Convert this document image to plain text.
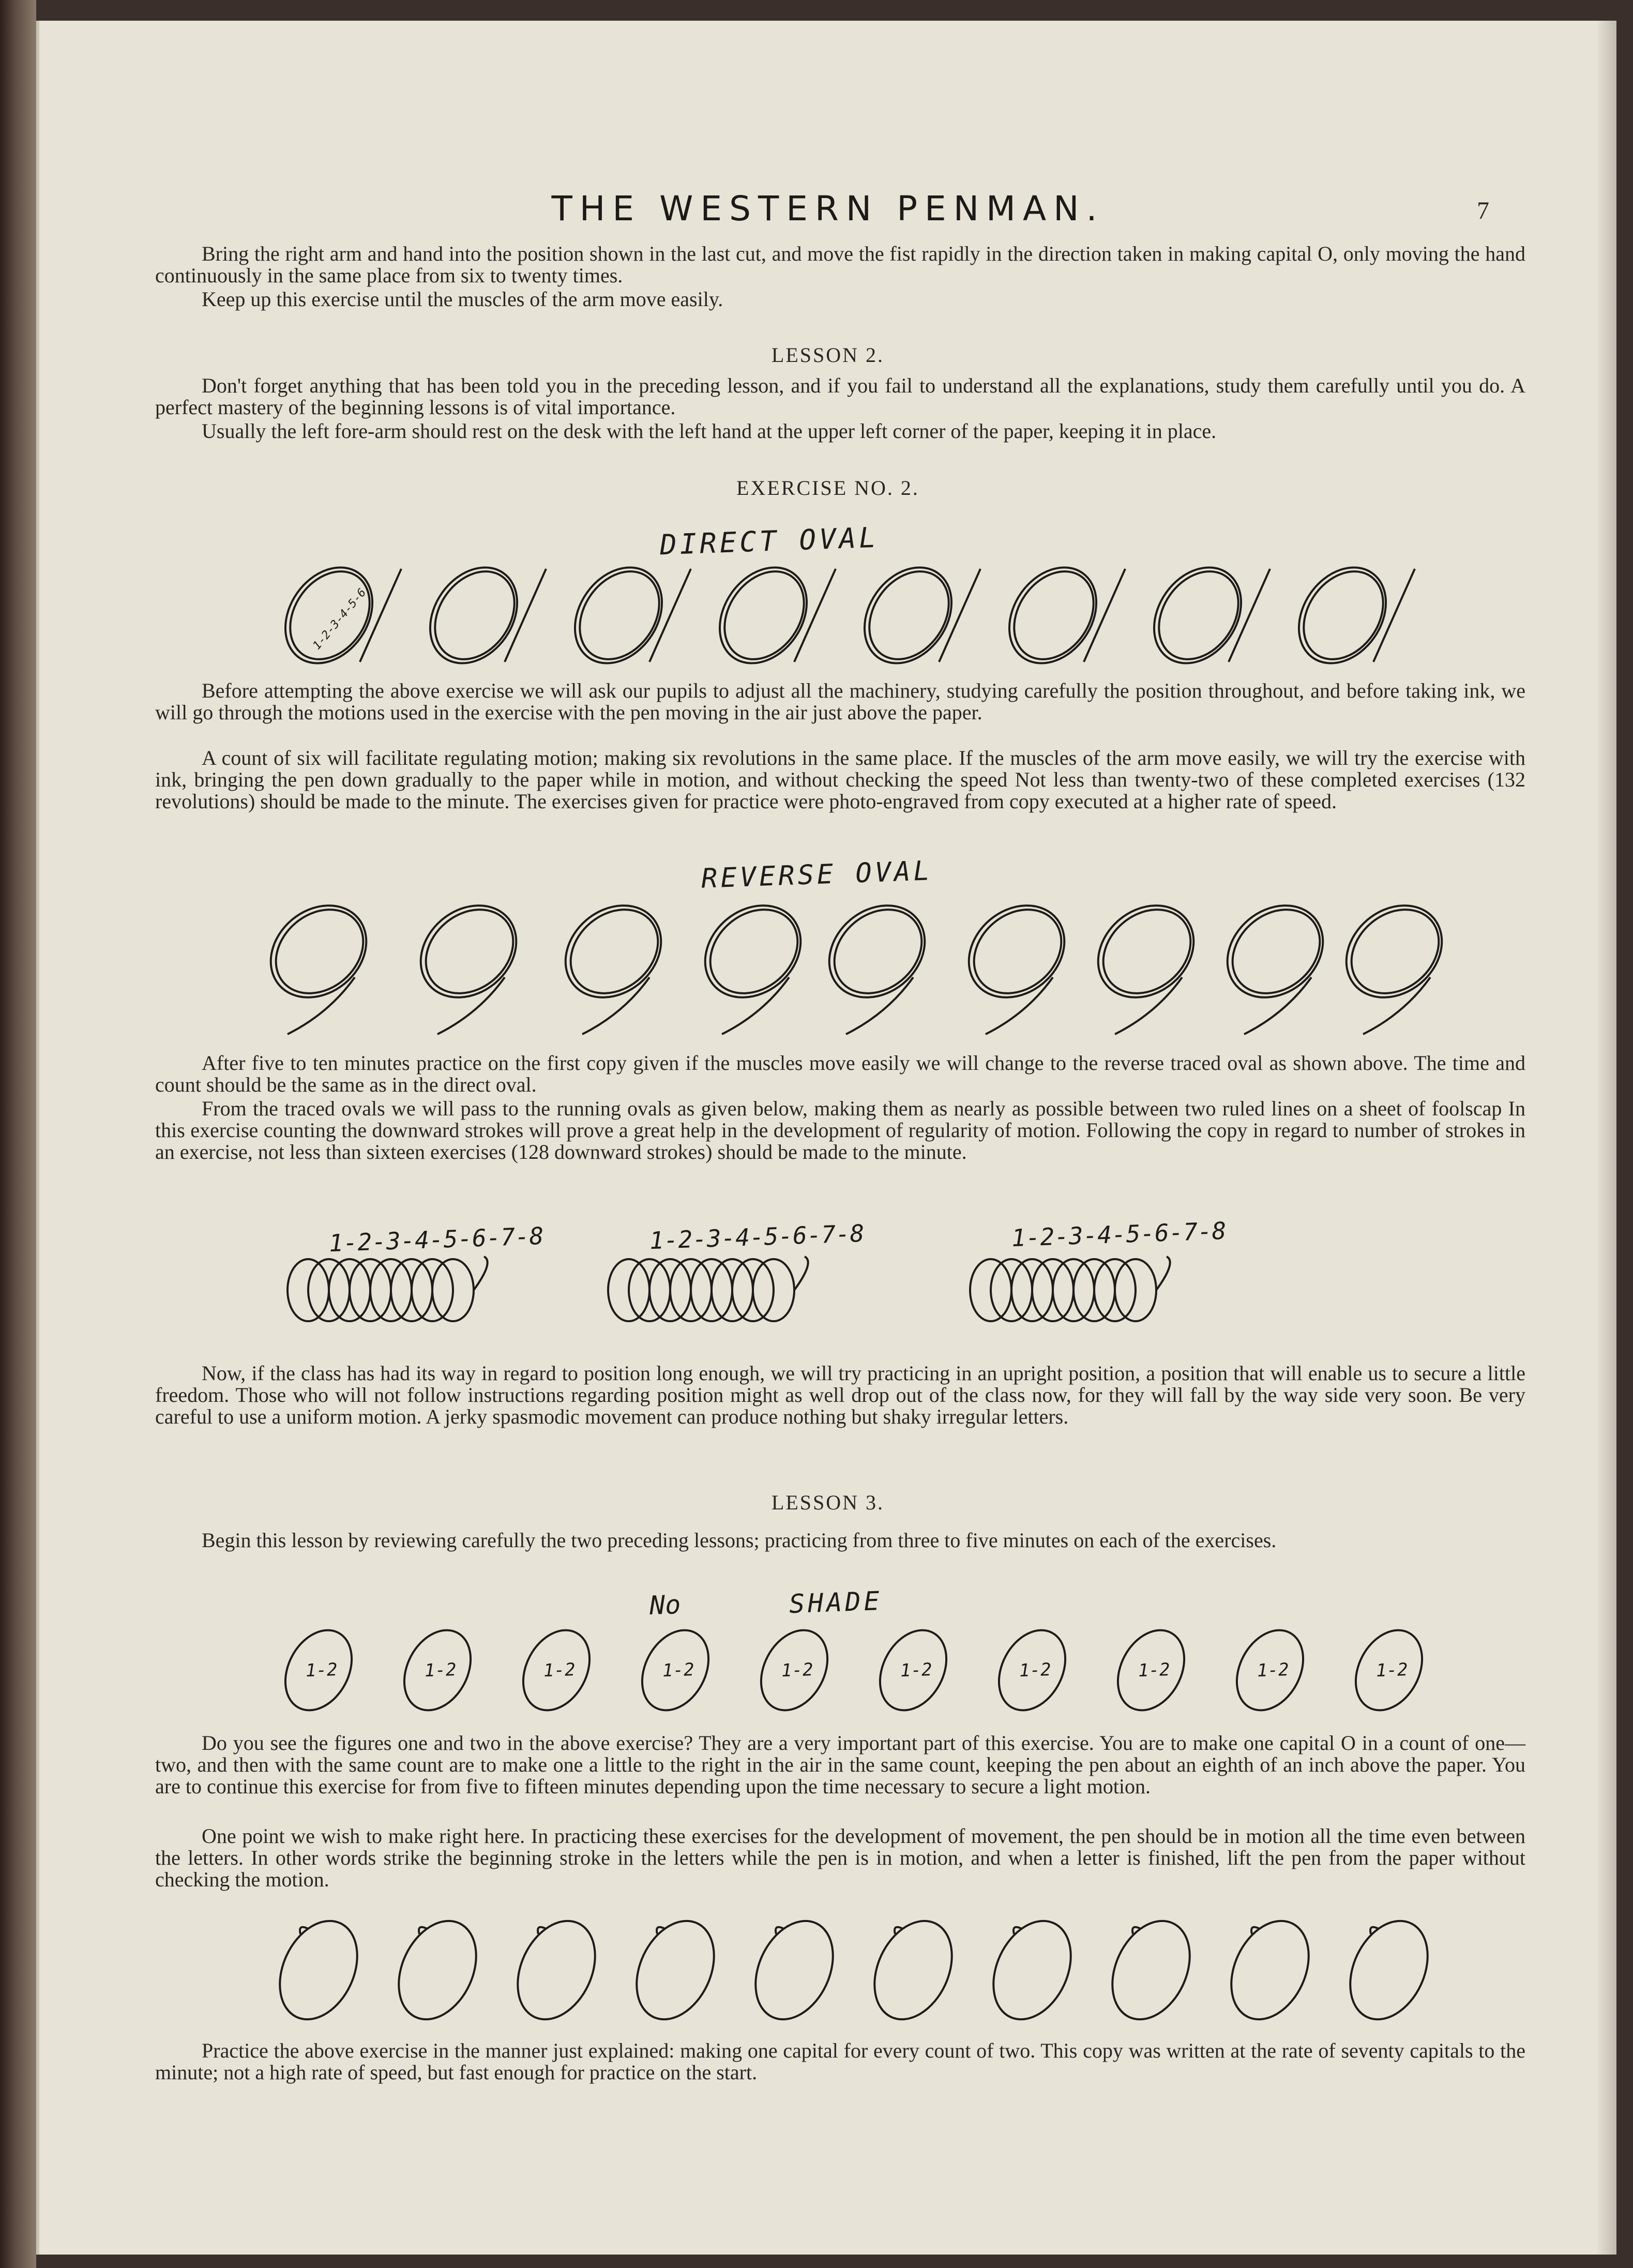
THE WESTERN PENMAN.	7

Bring the right arm and hand into the position shown in the last cut, and move the fist rapidly in the direction taken in making capital O, only moving the hand continuously in the same place from six to twenty times.

Keep up this exercise until the muscles of the arm move easily.

LESSON 2.

Don't forget anything that has been told you in the preceding lesson, and if you fail to understand all the explanations, study them carefully until you do. A perfect mastery of the beginning lessons is of vital importance.

Usually the left fore-arm should rest on the desk with the left hand at the upper left corner of the paper, keeping it in place.

EXERCISE NO. 2.

DIRECT OVAL
1-2-3-4-5-6

Before attempting the above exercise we will ask our pupils to adjust all the machinery, studying carefully the position throughout, and before taking ink, we will go through the motions used in the exercise with the pen moving in the air just above the paper.

A count of six will facilitate regulating motion; making six revolutions in the same place. If the muscles of the arm move easily, we will try the exercise with ink, bringing the pen down gradually to the paper while in motion, and without checking the speed Not less than twenty-two of these completed exercises (132 revolutions) should be made to the minute. The exercises given for practice were photo-engraved from copy executed at a higher rate of speed.

REVERSE OVAL

After five to ten minutes practice on the first copy given if the muscles move easily we will change to the reverse traced oval as shown above. The time and count should be the same as in the direct oval.

From the traced ovals we will pass to the running ovals as given below, making them as nearly as possible between two ruled lines on a sheet of foolscap In this exercise counting the downward strokes will prove a great help in the development of regularity of motion. Following the copy in regard to number of strokes in an exercise, not less than sixteen exercises (128 downward strokes) should be made to the minute.

1-2-3-4-5-6-7-8	1-2-3-4-5-6-7-8	1-2-3-4-5-6-7-8

Now, if the class has had its way in regard to position long enough, we will try practicing in an upright position, a position that will enable us to secure a little freedom. Those who will not follow instructions regarding position might as well drop out of the class now, for they will fall by the way side very soon. Be very careful to use a uniform motion. A jerky spasmodic movement can produce nothing but shaky irregular letters.

LESSON 3.

Begin this lesson by reviewing carefully the two preceding lessons; practicing from three to five minutes on each of the exercises.

No	SHADE
1-2	1-2	1-2	1-2	1-2	1-2	1-2	1-2	1-2	1-2

Do you see the figures one and two in the above exercise? They are a very important part of this exercise. You are to make one capital O in a count of one—two, and then with the same count are to make one a little to the right in the air in the same count, keeping the pen about an eighth of an inch above the paper. You are to continue this exercise for from five to fifteen minutes depending upon the time necessary to secure a light motion.

One point we wish to make right here. In practicing these exercises for the development of movement, the pen should be in motion all the time even between the letters. In other words strike the beginning stroke in the letters while the pen is in motion, and when a letter is finished, lift the pen from the paper without checking the motion.

Practice the above exercise in the manner just explained: making one capital for every count of two. This copy was written at the rate of seventy capitals to the minute; not a high rate of speed, but fast enough for practice on the start.
